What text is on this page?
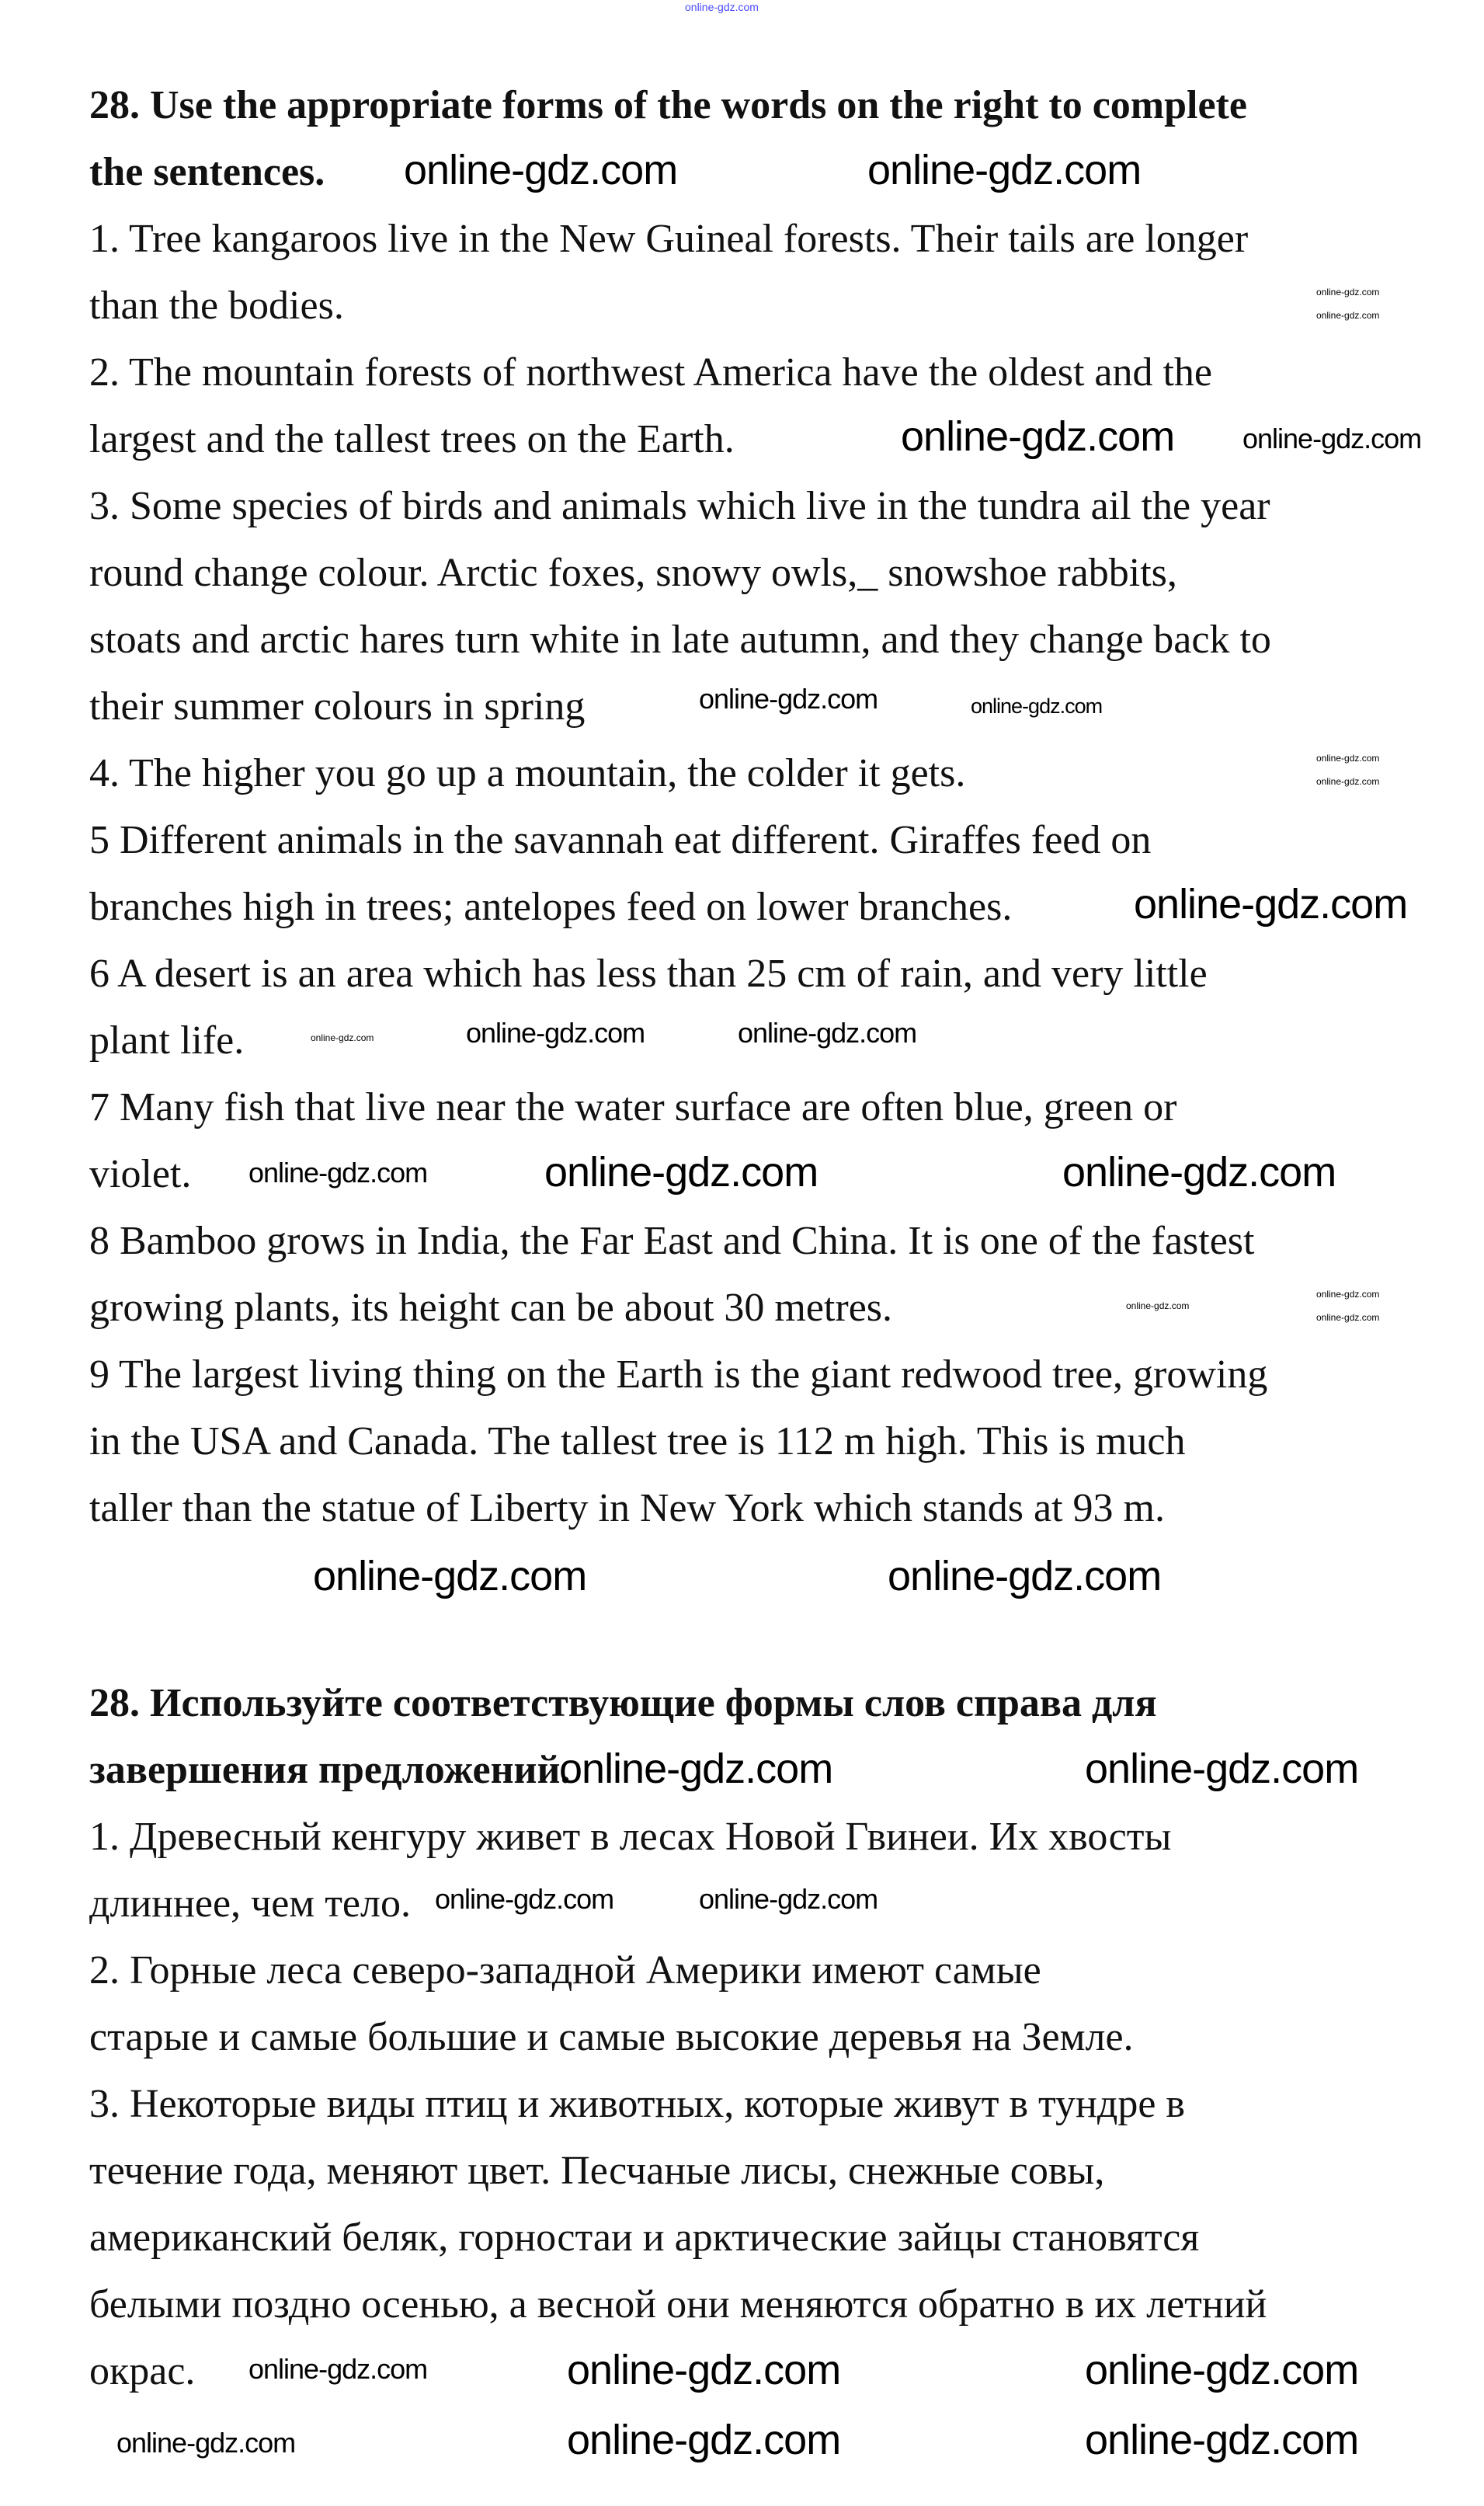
28. Use the appropriate forms of the words on the right to complete
the sentences.
1. Tree kangaroos live in the New Guineal forests. Their tails are longer
than the bodies.
2. The mountain forests of northwest America have the oldest and the
largest and the tallest trees on the Earth.
3. Some species of birds and animals which live in the tundra ail the year
round change colour. Arctic foxes, snowy owls,_ snowshoe rabbits,
stoats and arctic hares turn white in late autumn, and they change back to
their summer colours in spring
4. The higher you go up a mountain, the colder it gets.
5 Different animals in the savannah eat different. Giraffes feed on
branches high in trees; antelopes feed on lower branches.
6 A desert is an area which has less than 25 cm of rain, and very little
plant life.
7 Many fish that live near the water surface are often blue, green or
violet.
8 Bamboo grows in India, the Far East and China. It is one of the fastest
growing plants, its height can be about 30 metres.
9 The largest living thing on the Earth is the giant redwood tree, growing
in the USA and Canada. The tallest tree is 112 m high. This is much
taller than the statue of Liberty in New York which stands at 93 m.
28. Используйте соответствующие формы слов справа для
завершения предложений.
1. Древесный кенгуру живет в лесах Новой Гвинеи. Их хвосты
длиннее, чем тело.
2. Горные леса северо-западной Америки имеют самые
старые и самые большие и самые высокие деревья на Земле.
3. Некоторые виды птиц и животных, которые живут в тундре в
течение года, меняют цвет. Песчаные лисы, снежные совы,
американский беляк, горностаи и арктические зайцы становятся
белыми поздно осенью, а весной они меняются обратно в их летний
окрас.
online-gdz.com
online-gdz.com	online-gdz.com
online-gdz.com
online-gdz.com
online-gdz.com online-gdz.com
online-gdz.com	online-gdz.com
online-gdz.com
online-gdz.com
online-gdz.com
online-gdz.com	online-gdz.com	online-gdz.com
online-gdz.com	online-gdz.com	online-gdz.com
online-gdz.com
online-gdz.com
online-gdz.com
online-gdz.com	online-gdz.com
online-gdz.com	online-gdz.com
online-gdz.com	online-gdz.com
online-gdz.com	online-gdz.com	online-gdz.com
online-gdz.com	online-gdz.com	online-gdz.com
